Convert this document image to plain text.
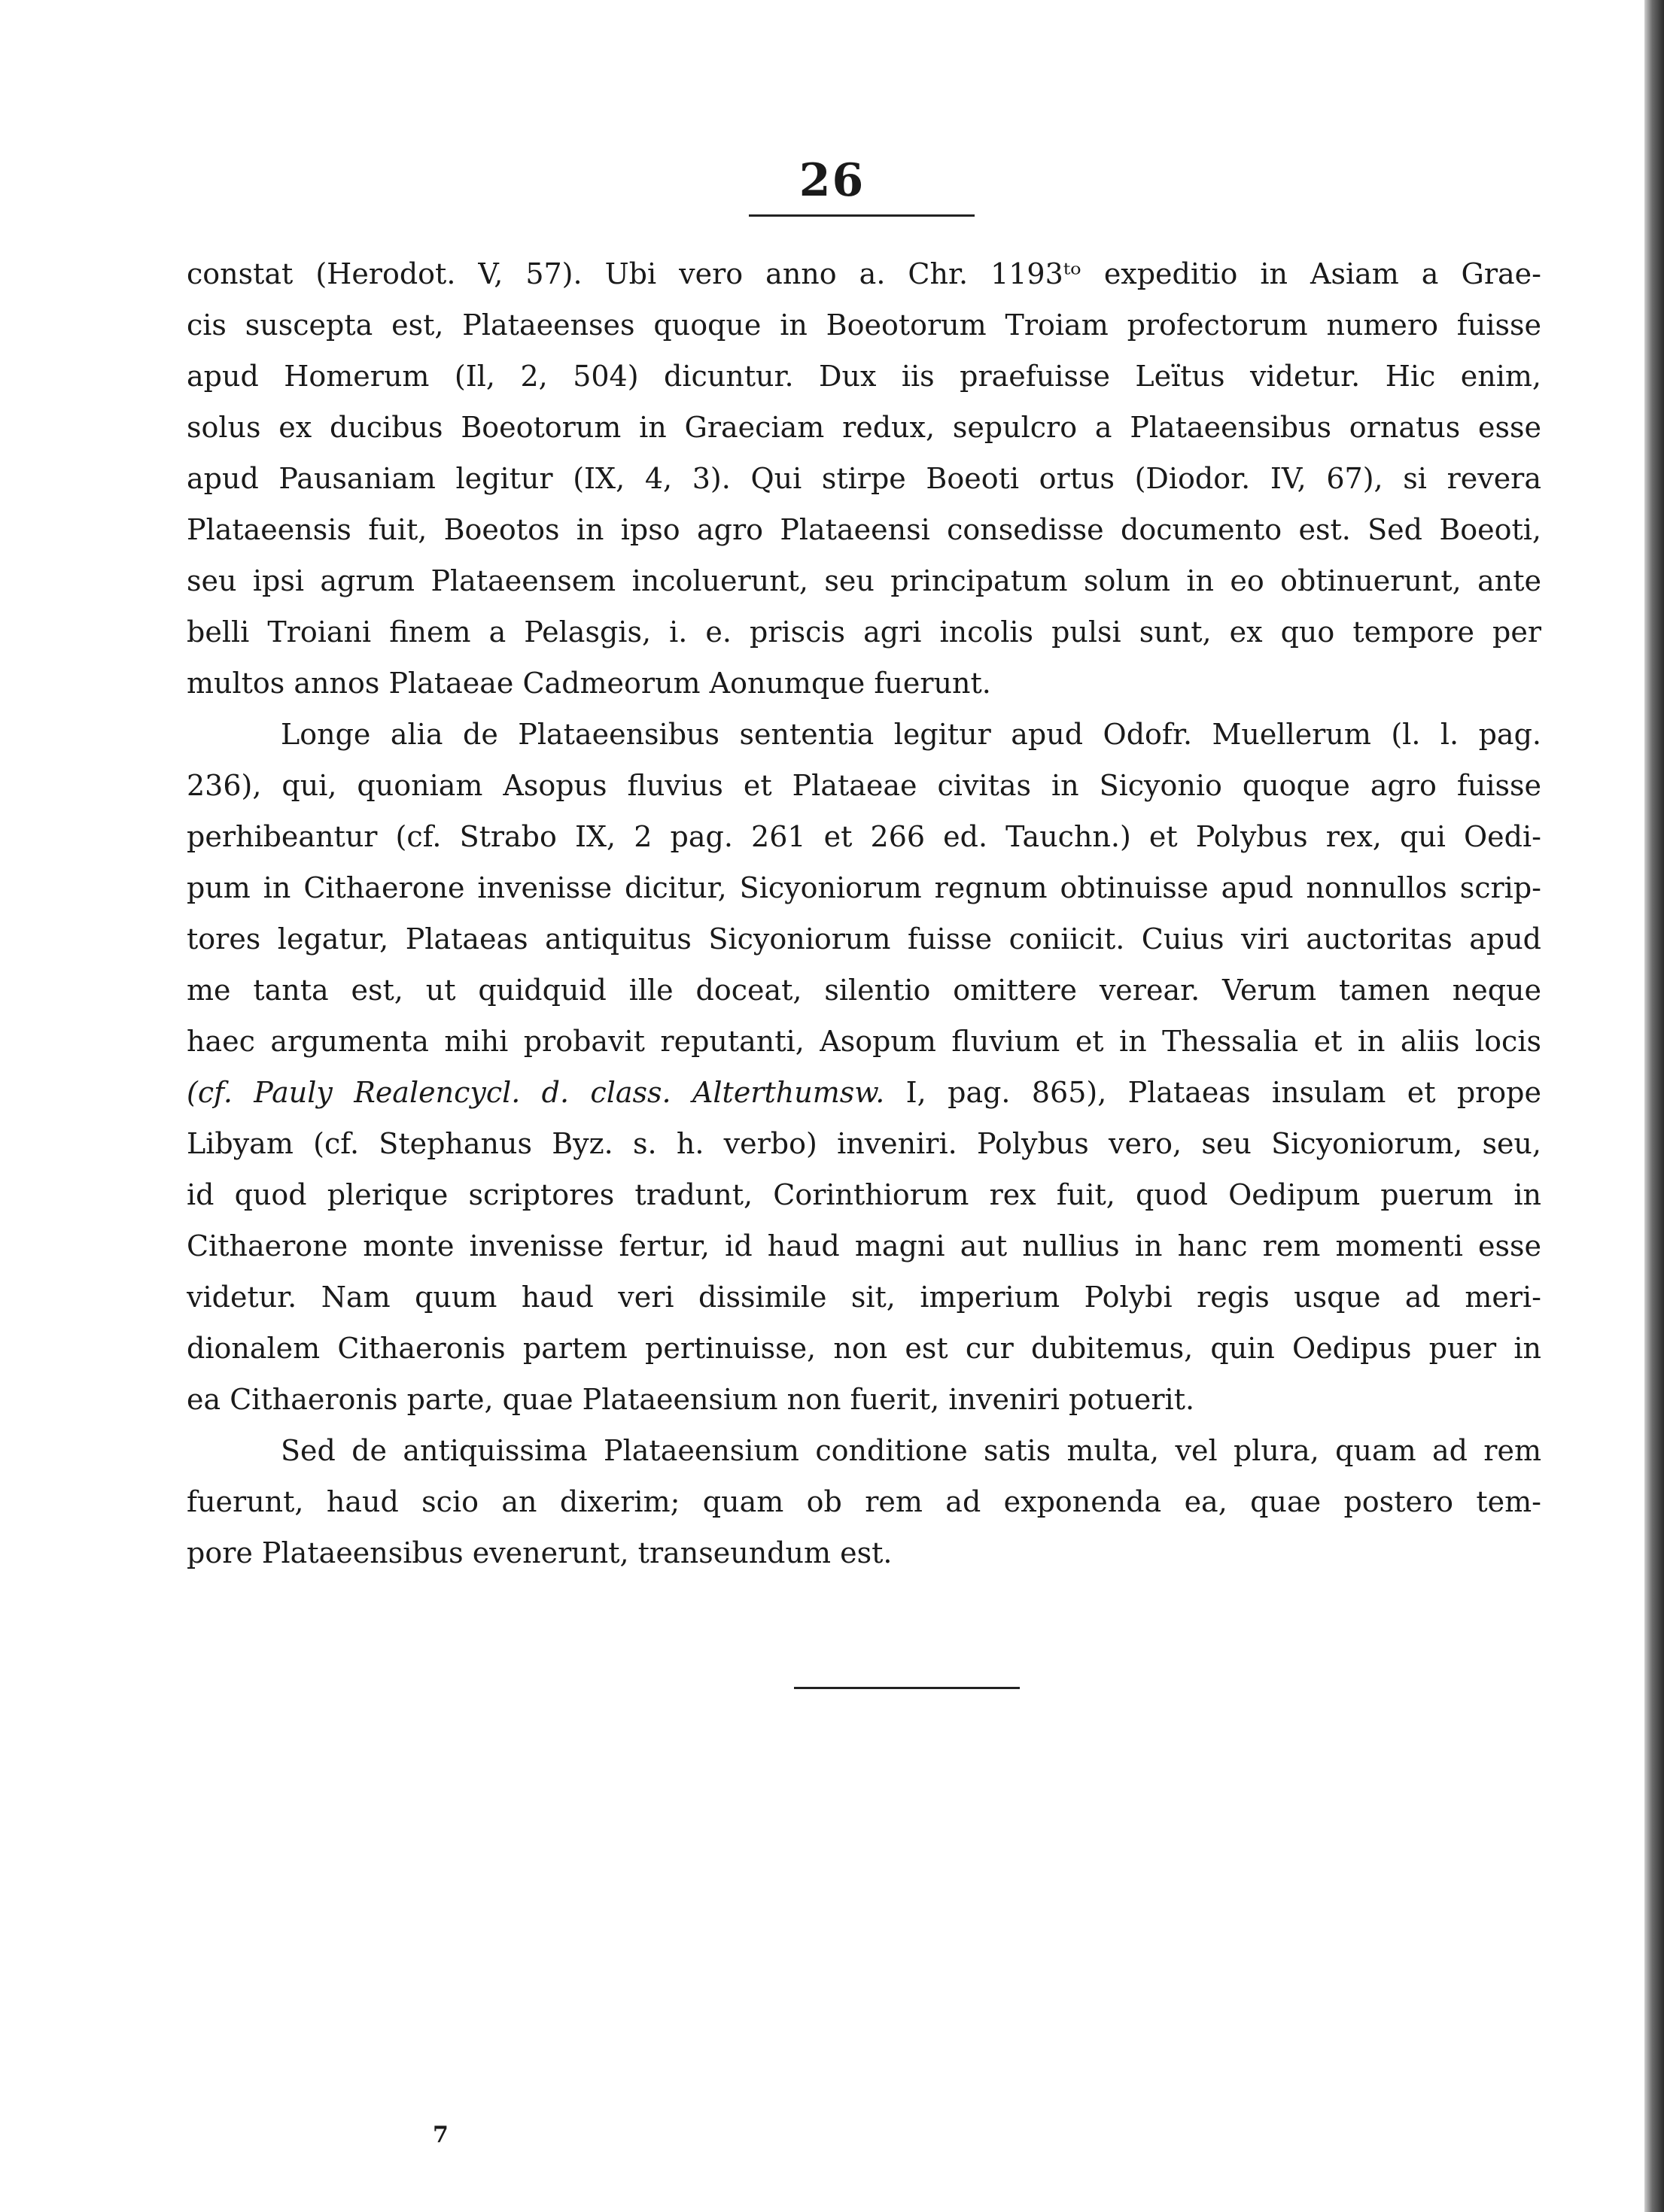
26
constat (Herodot. V, 57). Ubi vero anno a. Chr. 1193ᵗᵒ expeditio in Asiam a Grae-
cis suscepta est, Plataeenses quoque in Boeotorum Troiam profectorum numero fuisse
apud Homerum (Il, 2, 504) dicuntur. Dux iis praefuisse Leïtus videtur. Hic enim,
solus ex ducibus Boeotorum in Graeciam redux, sepulcro a Plataeensibus ornatus esse
apud Pausaniam legitur (IX, 4, 3). Qui stirpe Boeoti ortus (Diodor. IV, 67), si revera
Plataeensis fuit, Boeotos in ipso agro Plataeensi consedisse documento est. Sed Boeoti,
seu ipsi agrum Plataeensem incoluerunt, seu principatum solum in eo obtinuerunt, ante
belli Troiani finem a Pelasgis, i. e. priscis agri incolis pulsi sunt, ex quo tempore per
multos annos Plataeae Cadmeorum Aonumque fuerunt.
Longe alia de Plataeensibus sententia legitur apud Odofr. Muellerum (l. l. pag.
236), qui, quoniam Asopus fluvius et Plataeae civitas in Sicyonio quoque agro fuisse
perhibeantur (cf. Strabo IX, 2 pag. 261 et 266 ed. Tauchn.) et Polybus rex, qui Oedi-
pum in Cithaerone invenisse dicitur, Sicyoniorum regnum obtinuisse apud nonnullos scrip-
tores legatur, Plataeas antiquitus Sicyoniorum fuisse coniicit. Cuius viri auctoritas apud
me tanta est, ut quidquid ille doceat, silentio omittere verear. Verum tamen neque
haec argumenta mihi probavit reputanti, Asopum fluvium et in Thessalia et in aliis locis
(cf. Pauly Realencycl. d. class. Alterthumsw. I, pag. 865), Plataeas insulam et prope
Libyam (cf. Stephanus Byz. s. h. verbo) inveniri. Polybus vero, seu Sicyoniorum, seu,
id quod plerique scriptores tradunt, Corinthiorum rex fuit, quod Oedipum puerum in
Cithaerone monte invenisse fertur, id haud magni aut nullius in hanc rem momenti esse
videtur. Nam quum haud veri dissimile sit, imperium Polybi regis usque ad meri-
dionalem Cithaeronis partem pertinuisse, non est cur dubitemus, quin Oedipus puer in
ea Cithaeronis parte, quae Plataeensium non fuerit, inveniri potuerit.
Sed de antiquissima Plataeensium conditione satis multa, vel plura, quam ad rem
fuerunt, haud scio an dixerim; quam ob rem ad exponenda ea, quae postero tem-
pore Plataeensibus evenerunt, transeundum est.
7
